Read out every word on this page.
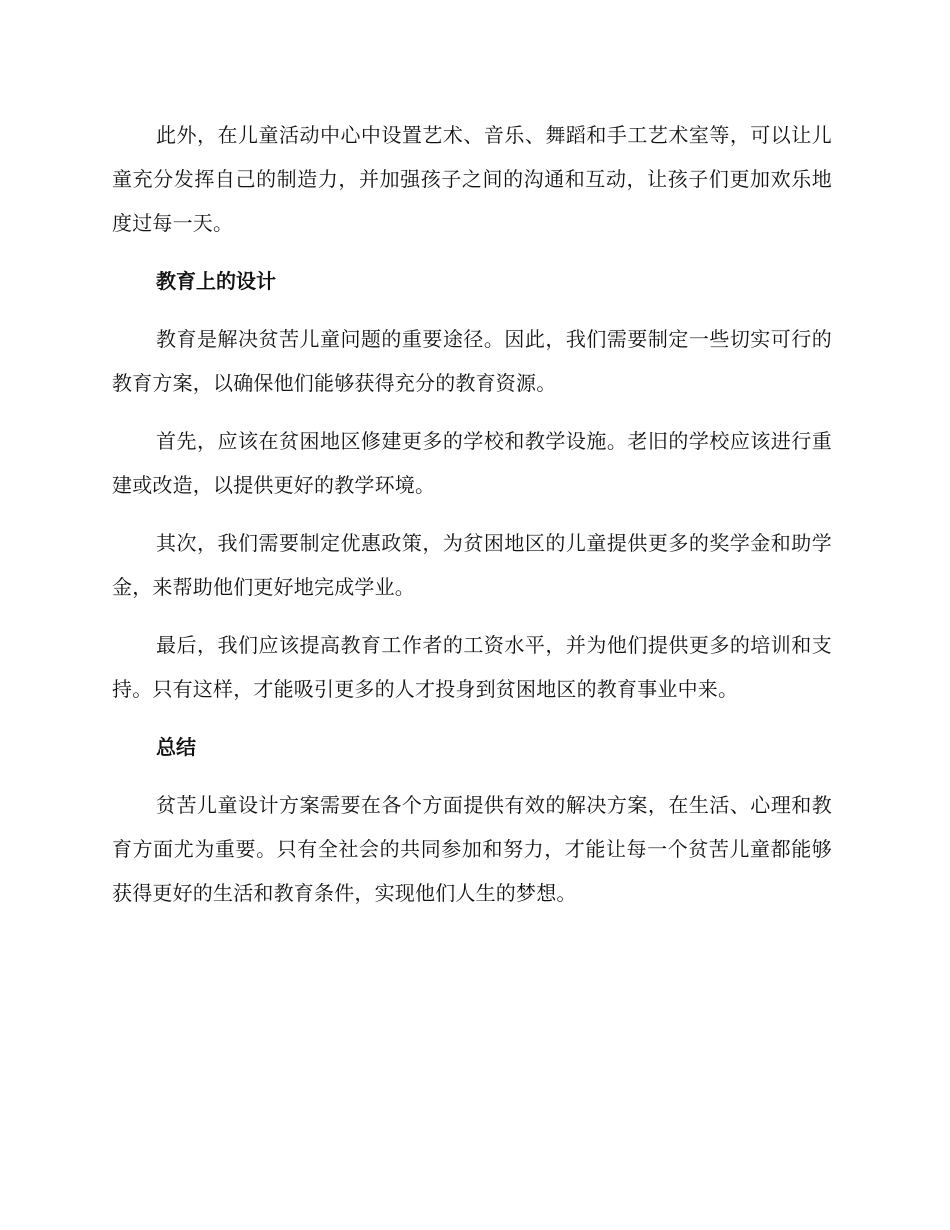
此外，在儿童活动中心中设置艺术、音乐、舞蹈和手工艺术室等，可以让儿童充分发挥自己的制造力，并加强孩子之间的沟通和互动，让孩子们更加欢乐地度过每一天。

教育上的设计

教育是解决贫苦儿童问题的重要途径。因此，我们需要制定一些切实可行的教育方案，以确保他们能够获得充分的教育资源。

首先，应该在贫困地区修建更多的学校和教学设施。老旧的学校应该进行重建或改造，以提供更好的教学环境。

其次，我们需要制定优惠政策，为贫困地区的儿童提供更多的奖学金和助学金，来帮助他们更好地完成学业。

最后，我们应该提高教育工作者的工资水平，并为他们提供更多的培训和支持。只有这样，才能吸引更多的人才投身到贫困地区的教育事业中来。

总结

贫苦儿童设计方案需要在各个方面提供有效的解决方案，在生活、心理和教育方面尤为重要。只有全社会的共同参加和努力，才能让每一个贫苦儿童都能够获得更好的生活和教育条件，实现他们人生的梦想。
